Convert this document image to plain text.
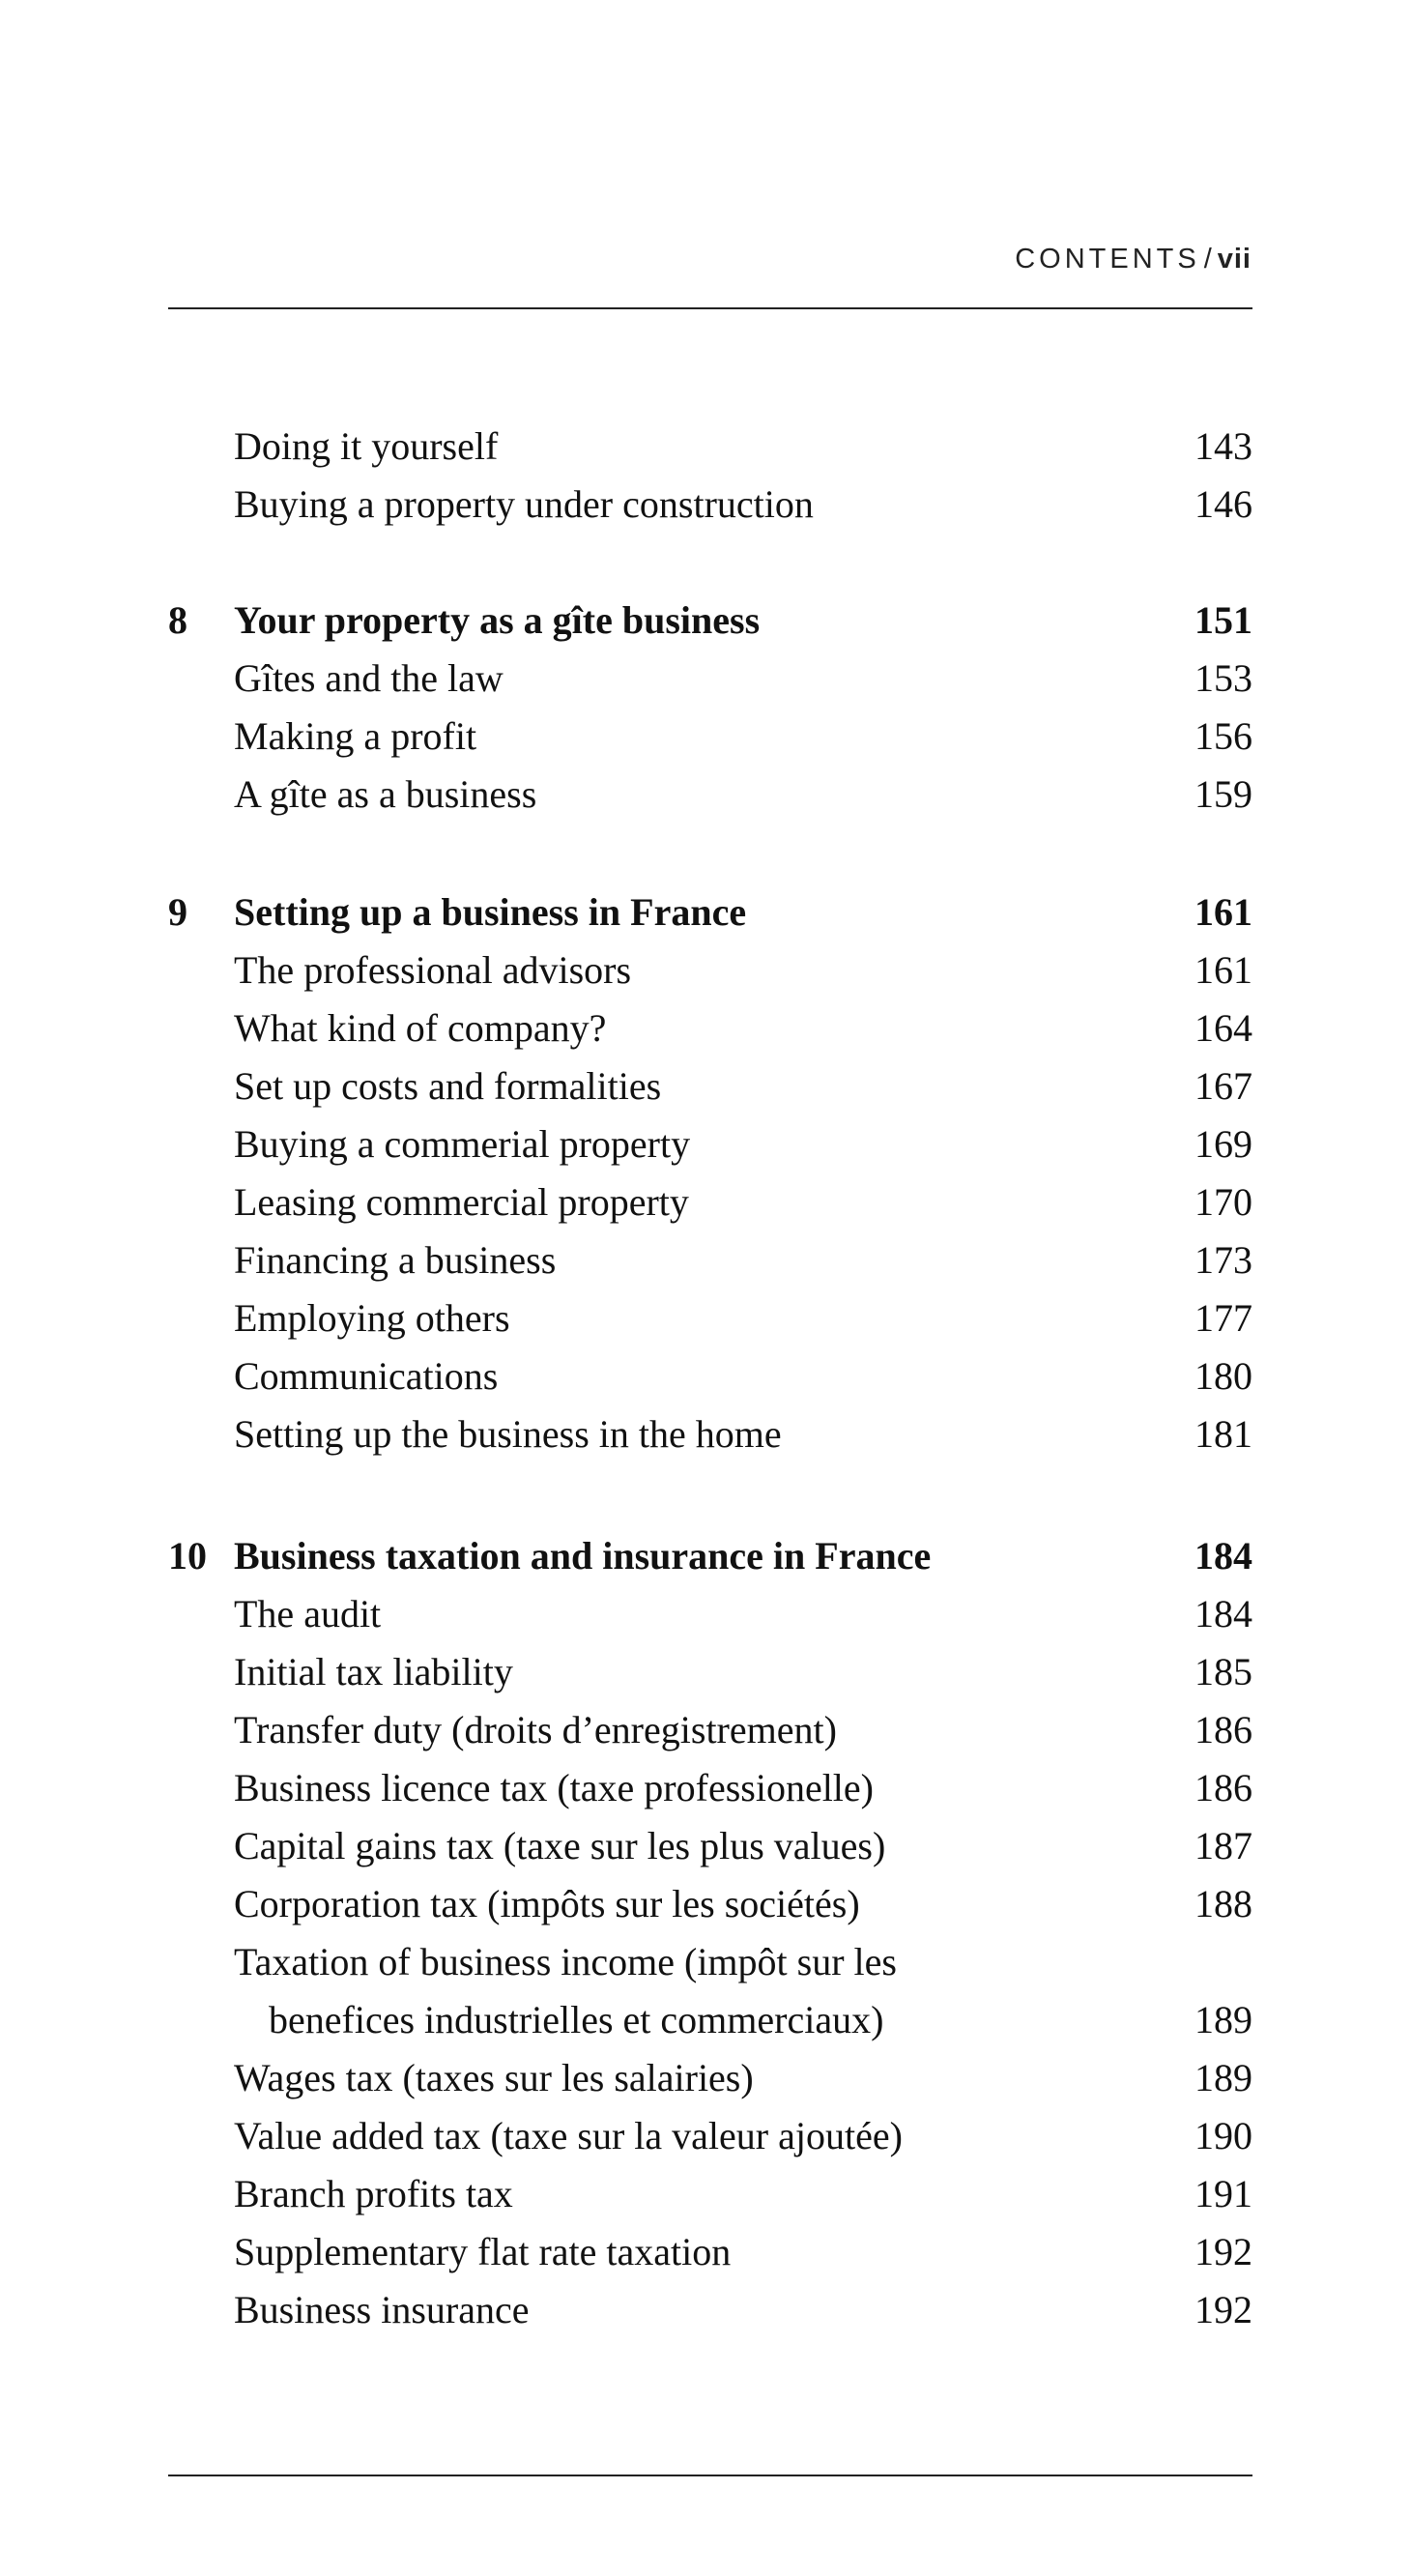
CONTENTS / vii
Doing it yourself	143
Buying a property under construction	146
8	Your property as a gîte business	151
Gîtes and the law	153
Making a profit	156
A gîte as a business	159
9	Setting up a business in France	161
The professional advisors	161
What kind of company?	164
Set up costs and formalities	167
Buying a commerial property	169
Leasing commercial property	170
Financing a business	173
Employing others	177
Communications	180
Setting up the business in the home	181
10 Business taxation and insurance in France	184
The audit	184
Initial tax liability	185
Transfer duty (droits d’enregistrement)	186
Business licence tax (taxe professionelle)	186
Capital gains tax (taxe sur les plus values)	187
Corporation tax (impôts sur les sociétés)	188
Taxation of business income (impôt sur les
benefices industrielles et commerciaux)	189
Wages tax (taxes sur les salairies)	189
Value added tax (taxe sur la valeur ajoutée)	190
Branch profits tax	191
Supplementary flat rate taxation	192
Business insurance	192
